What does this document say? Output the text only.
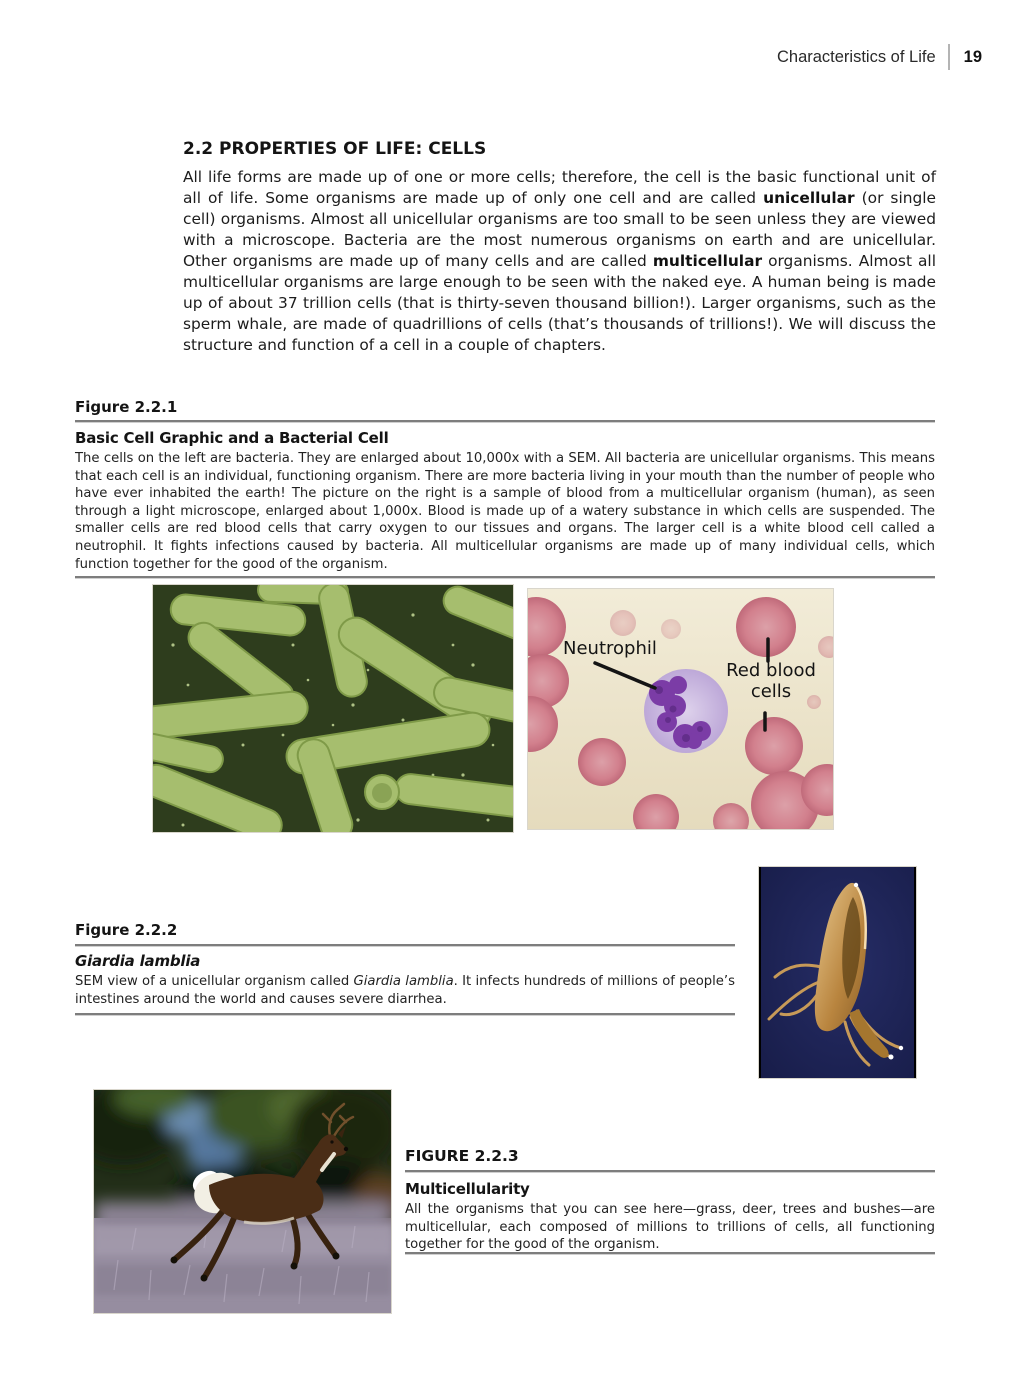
Characteristics of Life 19
2.2 PROPERTIES OF LIFE: CELLS
All life forms are made up of one or more cells; therefore, the cell is the basic functional unit of all of life. Some organisms are made up of only one cell and are called unicellular (or single cell) organisms. Almost all unicellular organisms are too small to be seen unless they are viewed with a microscope. Bacteria are the most numerous organisms on earth and are unicellular. Other organisms are made up of many cells and are called multicellular organisms. Almost all multicellular organisms are large enough to be seen with the naked eye. A human being is made up of about 37 trillion cells (that is thirty-seven thousand billion!). Larger organisms, such as the sperm whale, are made of quadrillions of cells (that’s thousands of trillions!). We will discuss the structure and function of a cell in a couple of chapters.
Figure 2.2.1
Basic Cell Graphic and a Bacterial Cell
The cells on the left are bacteria. They are enlarged about 10,000x with a SEM. All bacteria are unicellular organisms. This means that each cell is an individual, functioning organism. There are more bacteria living in your mouth than the number of people who have ever inhabited the earth! The picture on the right is a sample of blood from a multicellular organism (human), as seen through a light microscope, enlarged about 1,000x. Blood is made up of a watery substance in which cells are suspended. The smaller cells are red blood cells that carry oxygen to our tissues and organs. The larger cell is a white blood cell called a neutrophil. It fights infections caused by bacteria. All multicellular organisms are made up of many individual cells, which function together for the good of the organism.
Neutrophil
Red blood cells
Figure 2.2.2
Giardia lamblia
SEM view of a unicellular organism called Giardia lamblia. It infects hundreds of millions of people’s intestines around the world and causes severe diarrhea.
FIGURE 2.2.3
Multicellularity
All the organisms that you can see here—grass, deer, trees and bushes—are multicellular, each composed of millions to trillions of cells, all functioning together for the good of the organism.
